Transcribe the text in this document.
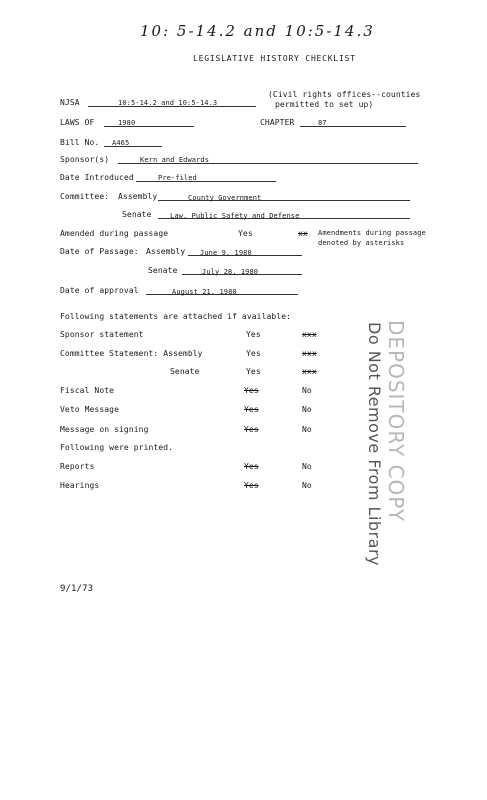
10: 5-14.2 and 10:5-14.3
LEGISLATIVE HISTORY CHECKLIST
NJSA	10:5-14.2 and 10:5-14.3
(Civil rights offices--counties
permitted to set up)
LAWS OF	1980	CHAPTER	87
Bill No. A465
Sponsor(s)	Kern and Edwards
Date Introduced	Pre-filed
Committee: Assembly	County Government
Senate	Law, Public Safety and Defense
Amended during passage	Yes	xx Amendments during passage
denoted by asterisks
Date of Passage: Assembly June 9, 1980
Senate	July 28, 1980
Date of approval	August 21, 1980
Following statements are attached if available:
Sponsor statement	Yes	xxx
Committee Statement: Assembly	Yes	xxx
Senate	Yes	xxx
Fiscal Note	Yes	No
Veto Message	Yes	No
Message on signing	Yes	No
Following were printed.
Reports	Yes	No
Hearings	Yes	No	DEPOSITORY COPY
Do Not Remove From Library
9/1/73
